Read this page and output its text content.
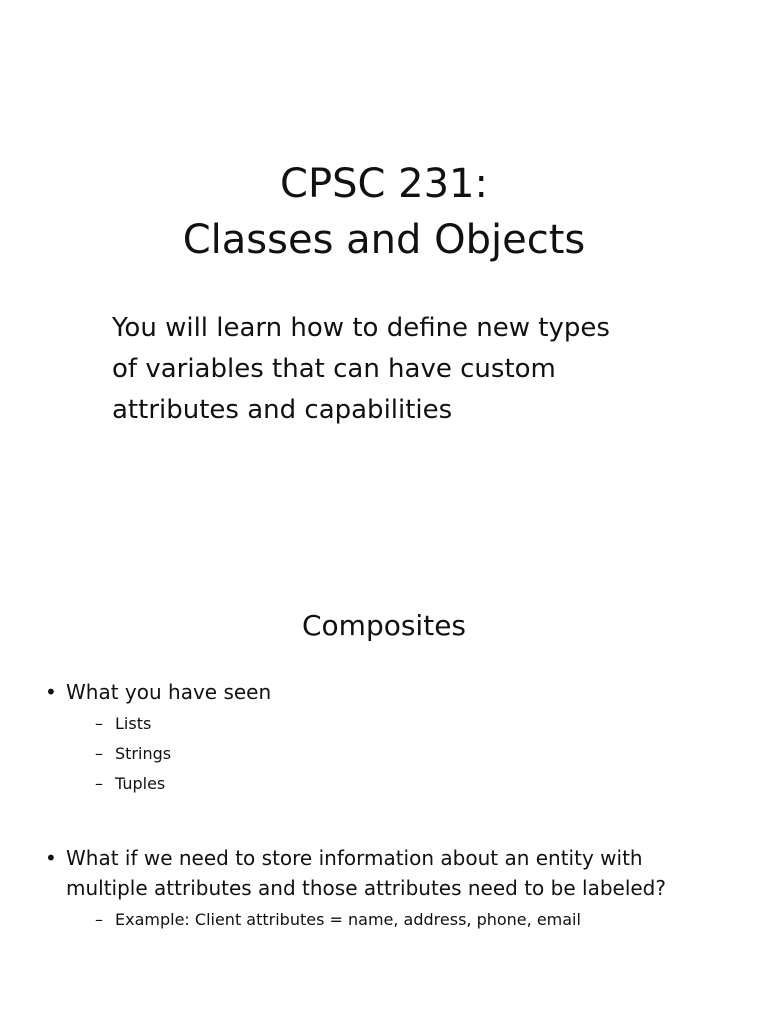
CPSC 231:
Classes and Objects

You will learn how to define new types
of variables that can have custom
attributes and capabilities

Composites
• What you have seen
– Lists
– Strings
– Tuples
• What if we need to store information about an entity with
multiple attributes and those attributes need to be labeled?
– Example: Client attributes = name, address, phone, email
